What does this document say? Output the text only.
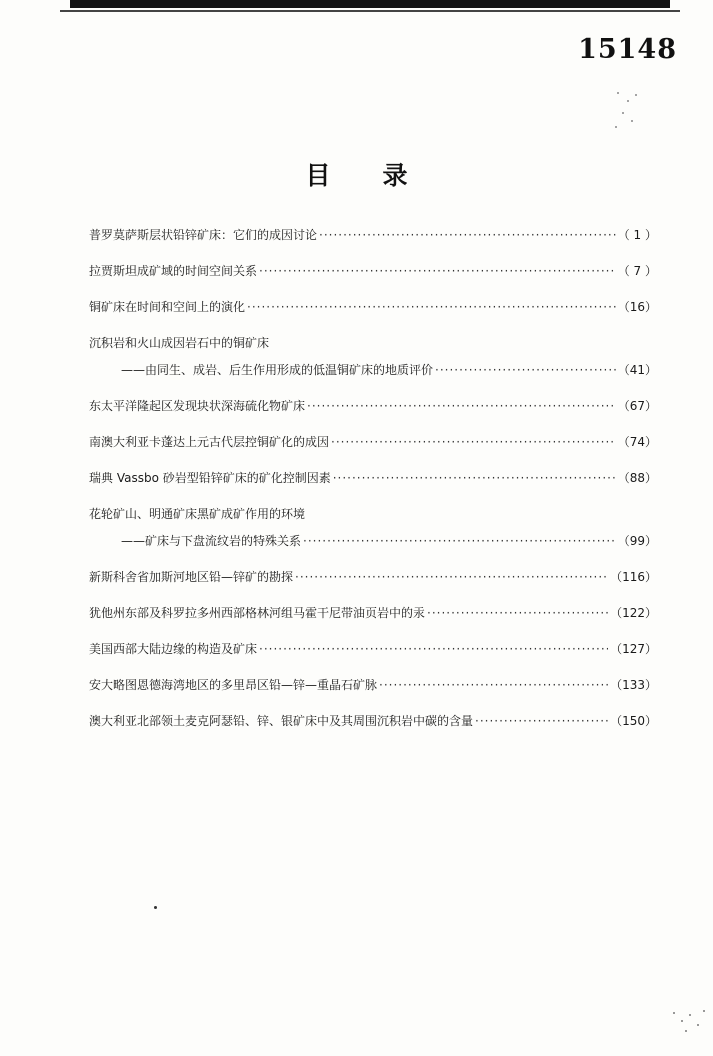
15148
目录
普罗莫萨斯层状铅锌矿床：它们的成因讨论 ·····	（ 1 ）
拉贾斯坦成矿域的时间空间关系 ·····	（ 7 ）
铜矿床在时间和空间上的演化 ·····	（16）
沉积岩和火山成因岩石中的铜矿床
——由同生、成岩、后生作用形成的低温铜矿床的地质评价 ·····	（41）
东太平洋隆起区发现块状深海硫化物矿床 ·····	（67）
南澳大利亚卡蓬达上元古代层控铜矿化的成因 ·····	（74）
瑞典 Vassbo 砂岩型铅锌矿床的矿化控制因素 ·····	（88）
花轮矿山、明通矿床黑矿成矿作用的环境
——矿床与下盘流纹岩的特殊关系 ·····	（99）
新斯科舍省加斯河地区铅—锌矿的勘探 ·····	（116）
犹他州东部及科罗拉多州西部格林河组马霍干尼带油页岩中的汞 ·····	（122）
美国西部大陆边缘的构造及矿床 ·····	（127）
安大略图恩德海湾地区的多里昂区铅—锌—重晶石矿脉 ·····	（133）
澳大利亚北部领土麦克阿瑟铅、锌、银矿床中及其周围沉积岩中碳的含量 ·····	（150）
